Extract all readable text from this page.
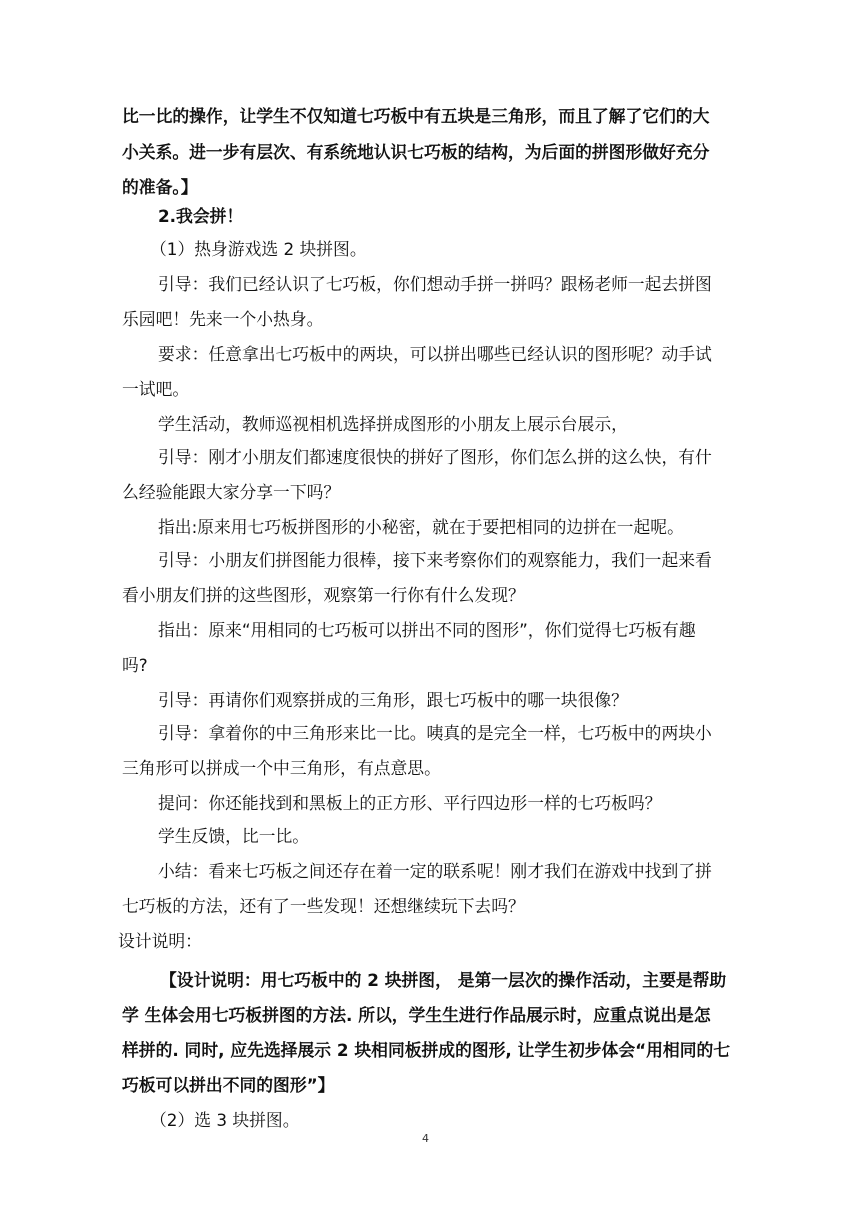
比一比的操作，让学生不仅知道七巧板中有五块是三角形，而且了解了它们的大
小关系。进一步有层次、有系统地认识七巧板的结构，为后面的拼图形做好充分
的准备。】
2.我会拼！
（1）热身游戏选 2 块拼图。
引导：我们已经认识了七巧板，你们想动手拼一拼吗？跟杨老师一起去拼图
乐园吧！先来一个小热身。
要求：任意拿出七巧板中的两块，可以拼出哪些已经认识的图形呢？动手试
一试吧。
学生活动，教师巡视相机选择拼成图形的小朋友上展示台展示，
引导：刚才小朋友们都速度很快的拼好了图形，你们怎么拼的这么快，有什
么经验能跟大家分享一下吗？
指出:原来用七巧板拼图形的小秘密，就在于要把相同的边拼在一起呢。
引导：小朋友们拼图能力很棒，接下来考察你们的观察能力，我们一起来看
看小朋友们拼的这些图形，观察第一行你有什么发现？
指出：原来“用相同的七巧板可以拼出不同的图形”，你们觉得七巧板有趣
吗?
引导：再请你们观察拼成的三角形，跟七巧板中的哪一块很像？
引导：拿着你的中三角形来比一比。咦真的是完全一样，七巧板中的两块小
三角形可以拼成一个中三角形，有点意思。
提问：你还能找到和黑板上的正方形、平行四边形一样的七巧板吗？
学生反馈，比一比。
小结：看来七巧板之间还存在着一定的联系呢！刚才我们在游戏中找到了拼
七巧板的方法，还有了一些发现！还想继续玩下去吗？
设计说明：
【设计说明：用七巧板中的 2 块拼图， 是第一层次的操作活动，主要是帮助
学 生体会用七巧板拼图的方法. 所以，学生生进行作品展示时，应重点说出是怎
样拼的. 同时, 应先选择展示 2 块相同板拼成的图形, 让学生初步体会“用相同的七
巧板可以拼出不同的图形”】
（2）选 3 块拼图。
4
